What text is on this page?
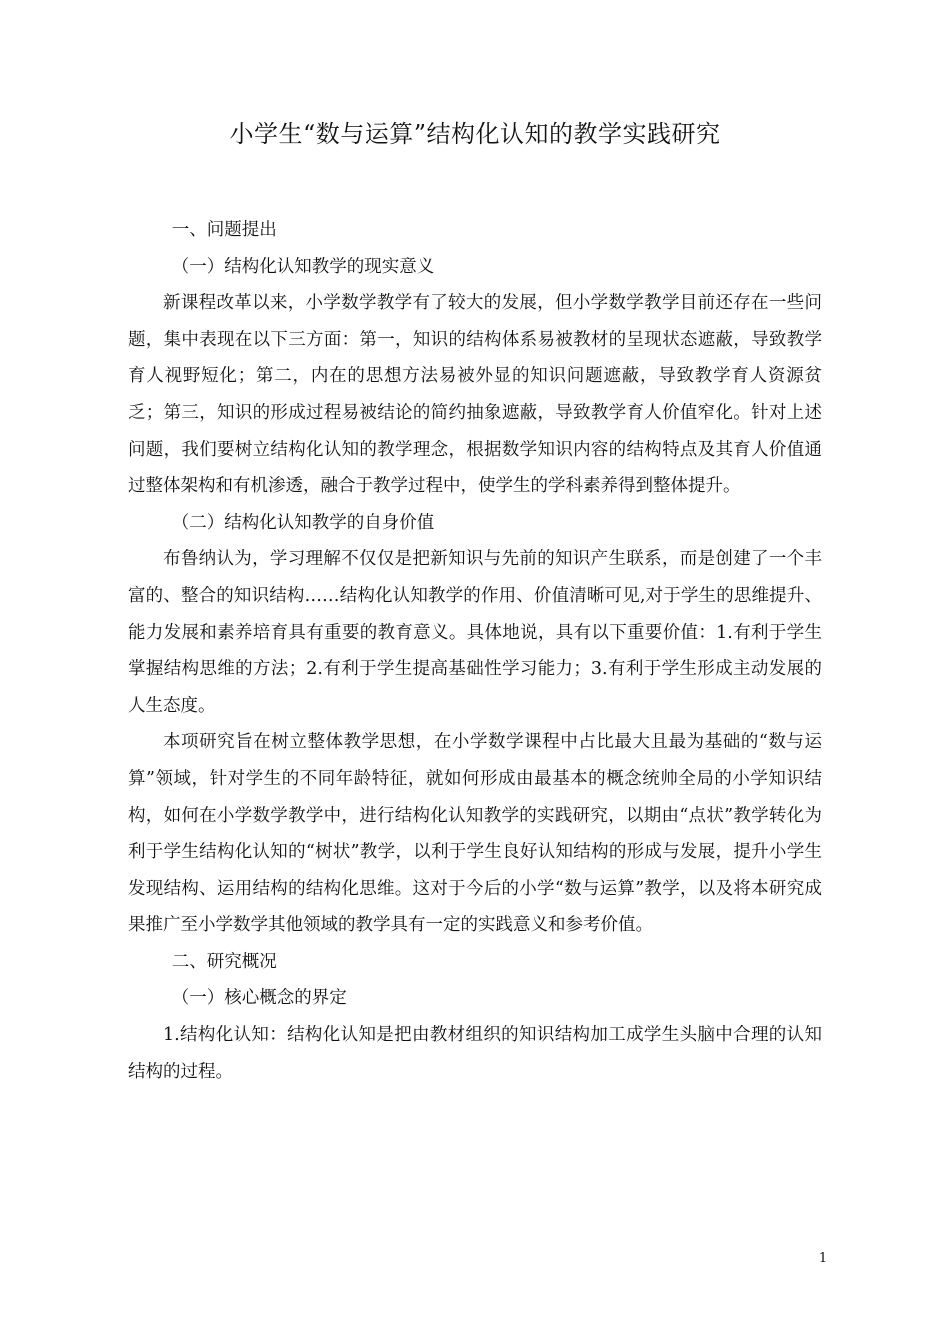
小学生“数与运算”结构化认知的教学实践研究

一、问题提出

（一）结构化认知教学的现实意义

新课程改革以来，小学数学教学有了较大的发展，但小学数学教学目前还存在一些问题，集中表现在以下三方面：第一，知识的结构体系易被教材的呈现状态遮蔽，导致教学育人视野短化；第二，内在的思想方法易被外显的知识问题遮蔽，导致教学育人资源贫乏；第三，知识的形成过程易被结论的简约抽象遮蔽，导致教学育人价值窄化。针对上述问题，我们要树立结构化认知的教学理念，根据数学知识内容的结构特点及其育人价值通过整体架构和有机渗透，融合于教学过程中，使学生的学科素养得到整体提升。

（二）结构化认知教学的自身价值

布鲁纳认为，学习理解不仅仅是把新知识与先前的知识产生联系，而是创建了一个丰富的、整合的知识结构……结构化认知教学的作用、价值清晰可见,对于学生的思维提升、能力发展和素养培育具有重要的教育意义。具体地说，具有以下重要价值：1.有利于学生掌握结构思维的方法；2.有利于学生提高基础性学习能力；3.有利于学生形成主动发展的人生态度。

本项研究旨在树立整体教学思想，在小学数学课程中占比最大且最为基础的“数与运算”领域，针对学生的不同年龄特征，就如何形成由最基本的概念统帅全局的小学知识结构，如何在小学数学教学中，进行结构化认知教学的实践研究，以期由“点状”教学转化为利于学生结构化认知的“树状”教学，以利于学生良好认知结构的形成与发展，提升小学生发现结构、运用结构的结构化思维。这对于今后的小学“数与运算”教学，以及将本研究成果推广至小学数学其他领域的教学具有一定的实践意义和参考价值。

二、研究概况

（一）核心概念的界定

1.结构化认知：结构化认知是把由教材组织的知识结构加工成学生头脑中合理的认知结构的过程。

1
